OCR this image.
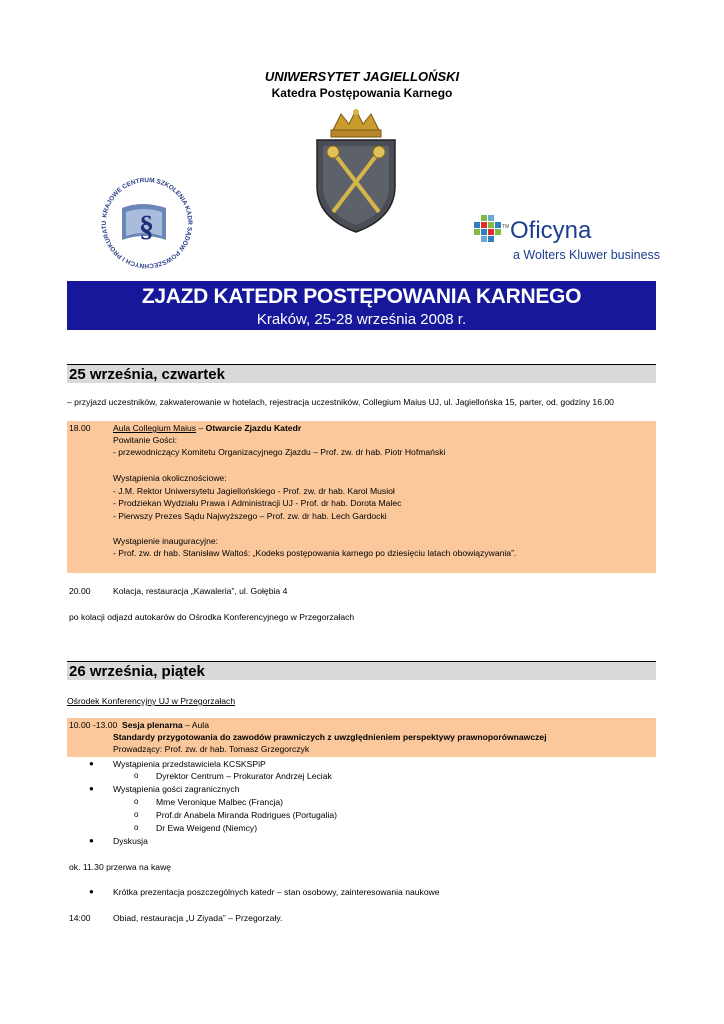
UNIWERSYTET JAGIELLOŃSKI
Katedra Postępowania Karnego
KRAJOWE CENTRUM SZKOLENIA KADR SĄDÓW POWSZECHNYCH I PROKURATU	§	TM Oficyna
a Wolters Kluwer business
ZJAZD KATEDR POSTĘPOWANIA KARNEGO
Kraków, 25-28 września 2008 r.
25 września, czwartek
– przyjazd uczestników, zakwaterowanie w hotelach, rejestracja uczestników, Collegium Maius UJ, ul. Jagiellońska 15, parter, od. godziny 16.00
18.00	Aula Collegium Maius – Otwarcie Zjazdu Katedr
Powitanie Gości:
- przewodniczący Komitetu Organizacyjnego Zjazdu – Prof. zw. dr hab. Piotr Hofmański
Wystąpienia okolicznościowe:
- J.M. Rektor Uniwersytetu Jagiellońskiego - Prof. zw. dr hab. Karol Musioł
- Prodziekan Wydziału Prawa i Administracji UJ - Prof. dr hab. Dorota Malec
- Pierwszy Prezes Sądu Najwyższego – Prof. zw. dr hab. Lech Gardocki
Wystąpienie inauguracyjne:
- Prof. zw. dr hab. Stanisław Waltoś: „Kodeks postępowania karnego po dziesięciu latach obowiązywania”.
20.00	Kolacja, restauracja „Kawaleria”, ul. Gołębia 4
po kolacji odjazd autokarów do Ośrodka Konferencyjnego w Przegorzałach
26 września, piątek
Ośrodek Konferencyjny UJ w Przegorzałach
10.00 -13.00 Sesja plenarna – Aula
Standardy przygotowania do zawodów prawniczych z uwzględnieniem perspektywy prawnoporównawczej
Prowadzący: Prof. zw. dr hab. Tomasz Grzegorczyk
● Wystąpienia przedstawiciela KCSKSPiP
o Dyrektor Centrum – Prokurator Andrzej Leciak
● Wystąpienia gości zagranicznych
o Mme Veronique Malbec (Francja)
o Prof.dr Anabela Miranda Rodrigues (Portugalia)
o Dr Ewa Weigend (Niemcy)
● Dyskusja
ok. 11.30 przerwa na kawę
● Krótka prezentacja poszczególnych katedr – stan osobowy, zainteresowania naukowe
14:00	Obiad, restauracja „U Ziyada” – Przegorzały.
